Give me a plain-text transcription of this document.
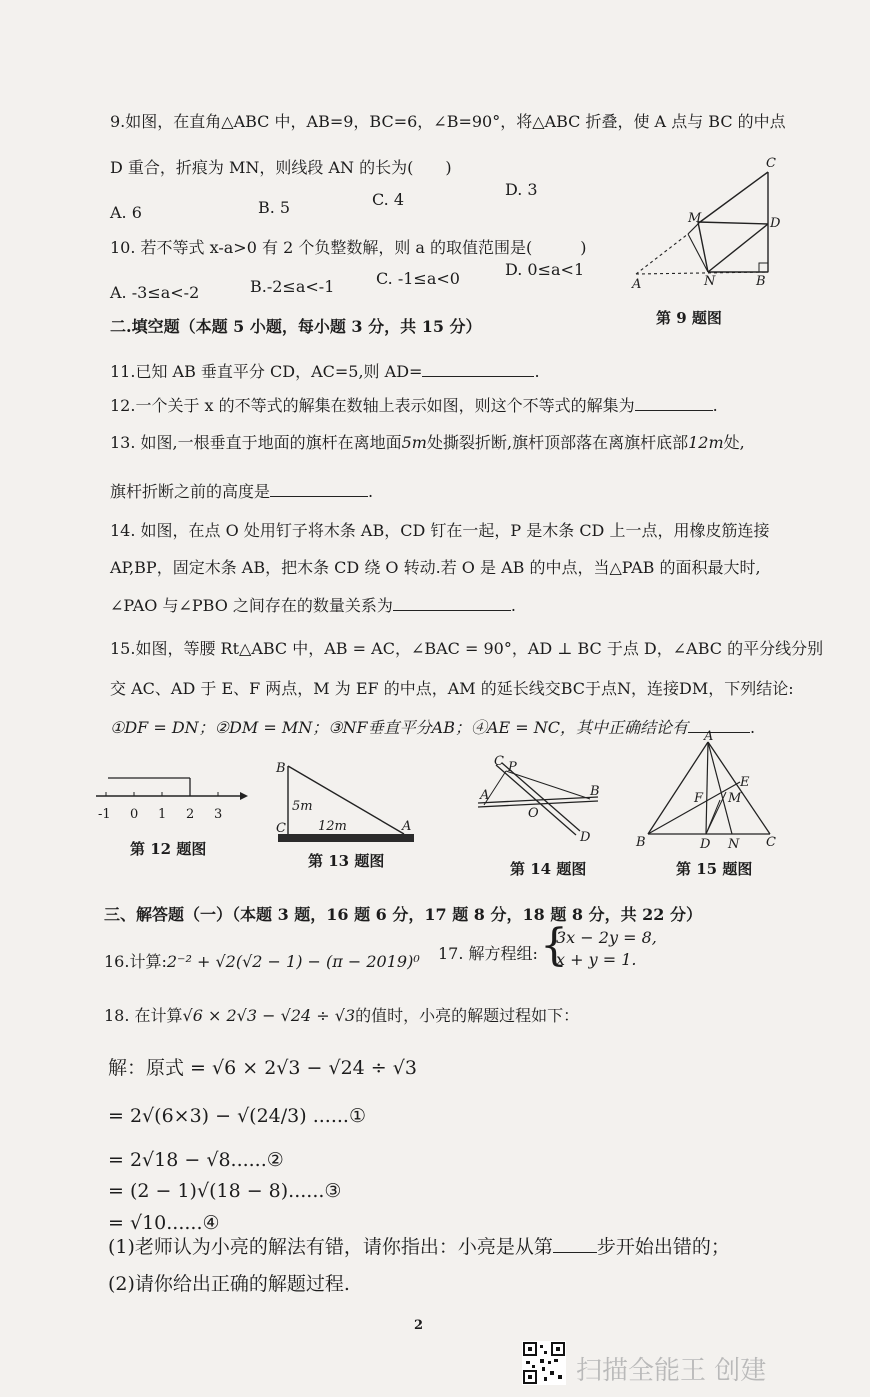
9.如图，在直角△ABC 中，AB=9，BC=6，∠B=90°，将△ABC 折叠，使 A 点与 BC 的中点
D 重合，折痕为 MN，则线段 AN 的长为(　　)
A. 6	B. 5	C. 4
D. 3
C
M	D
A	N	B
第 9 题图
10. 若不等式 x-a>0 有 2 个负整数解，则 a 的取值范围是(　　　)
A. -3≤a<-2	B.-2≤a<-1	C. -1≤a<0	D. 0≤a<1
二.填空题（本题 5 小题，每小题 3 分，共 15 分）
11.已知 AB 垂直平分 CD，AC=5,则 AD=	.
12.一个关于 x 的不等式的解集在数轴上表示如图，则这个不等式的解集为	.
13. 如图,一根垂直于地面的旗杆在离地面5m处撕裂折断,旗杆顶部落在离旗杆底部12m处,
旗杆折断之前的高度是	.
14. 如图，在点 O 处用钉子将木条 AB，CD 钉在一起，P 是木条 CD 上一点，用橡皮筋连接
AP,BP，固定木条 AB，把木条 CD 绕 O 转动.若 O 是 AB 的中点，当△PAB 的面积最大时,
∠PAO 与∠PBO 之间存在的数量关系为	.
15.如图，等腰 Rt△ABC 中，AB = AC，∠BAC = 90°，AD ⊥ BC 于点 D，∠ABC 的平分线分别
交 AC、AD 于 E、F 两点，M 为 EF 的中点，AM 的延长线交BC于点N，连接DM，下列结论:
①DF = DN；②DM = MN；③NF垂直平分AB；④AE = NC，其中正确结论有	.
-1 0 1 2 3
第 12 题图
B
C	A
5m
12m
第 13 题图
C P
A	B
O
D
第 14 题图
A
E
F M
B	D N C
第 15 题图
三、解答题（一）（本题 3 题，16 题 6 分，17 题 8 分，18 题 8 分，共 22 分）
16.计算:2⁻² + √2(√2 − 1) − (π − 2019)⁰ 17. 解方程组: {
3x − 2y = 8,
x + y = 1.
18. 在计算√6 × 2√3 − √24 ÷ √3的值时，小亮的解题过程如下：
解：原式 = √6 × 2√3 − √24 ÷ √3
= 2√(6×3) − √(24/3) ......①
= 2√18 − √8......②
= (2 − 1)√(18 − 8)......③
= √10......④
(1)老师认为小亮的解法有错，请你指出：小亮是从第 步开始出错的；
(2)请你给出正确的解题过程.
2
扫描全能王 创建
